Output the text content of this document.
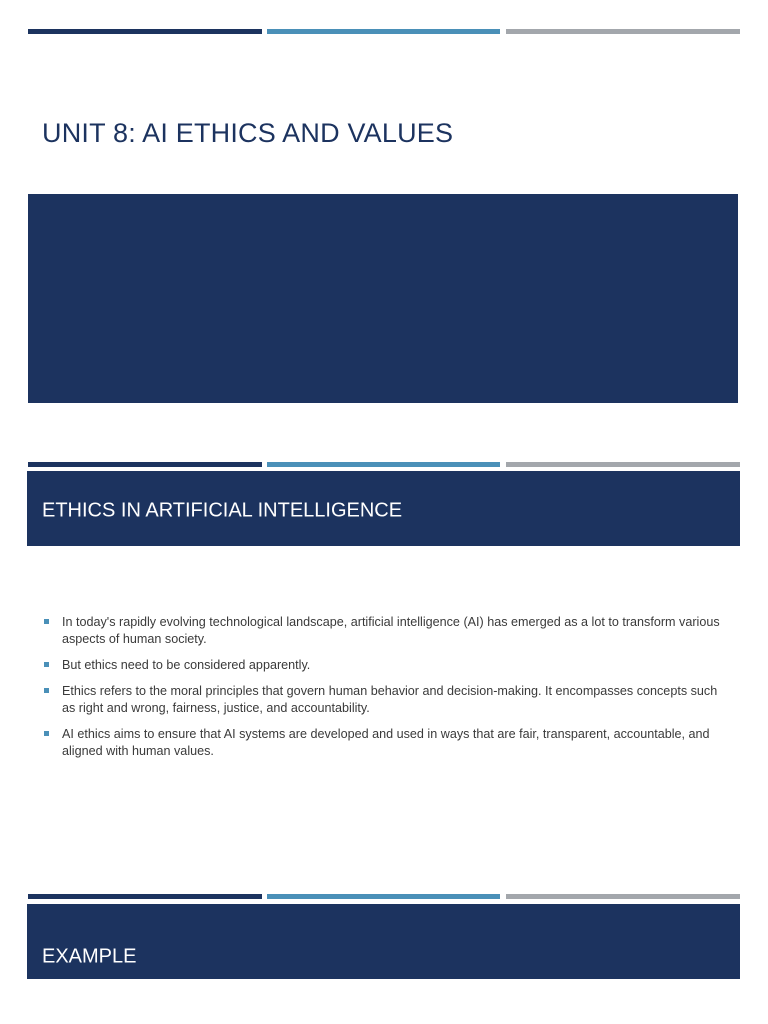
UNIT 8: AI ETHICS AND VALUES
ETHICS IN ARTIFICIAL INTELLIGENCE
In today's rapidly evolving technological landscape, artificial intelligence (AI) has emerged as a lot to transform various aspects of human society.
But ethics need to be considered apparently.
Ethics refers to the moral principles that govern human behavior and decision-making. It encompasses concepts such as right and wrong, fairness, justice, and accountability.
AI ethics aims to ensure that AI systems are developed and used in ways that are fair, transparent, accountable, and aligned with human values.
EXAMPLE
